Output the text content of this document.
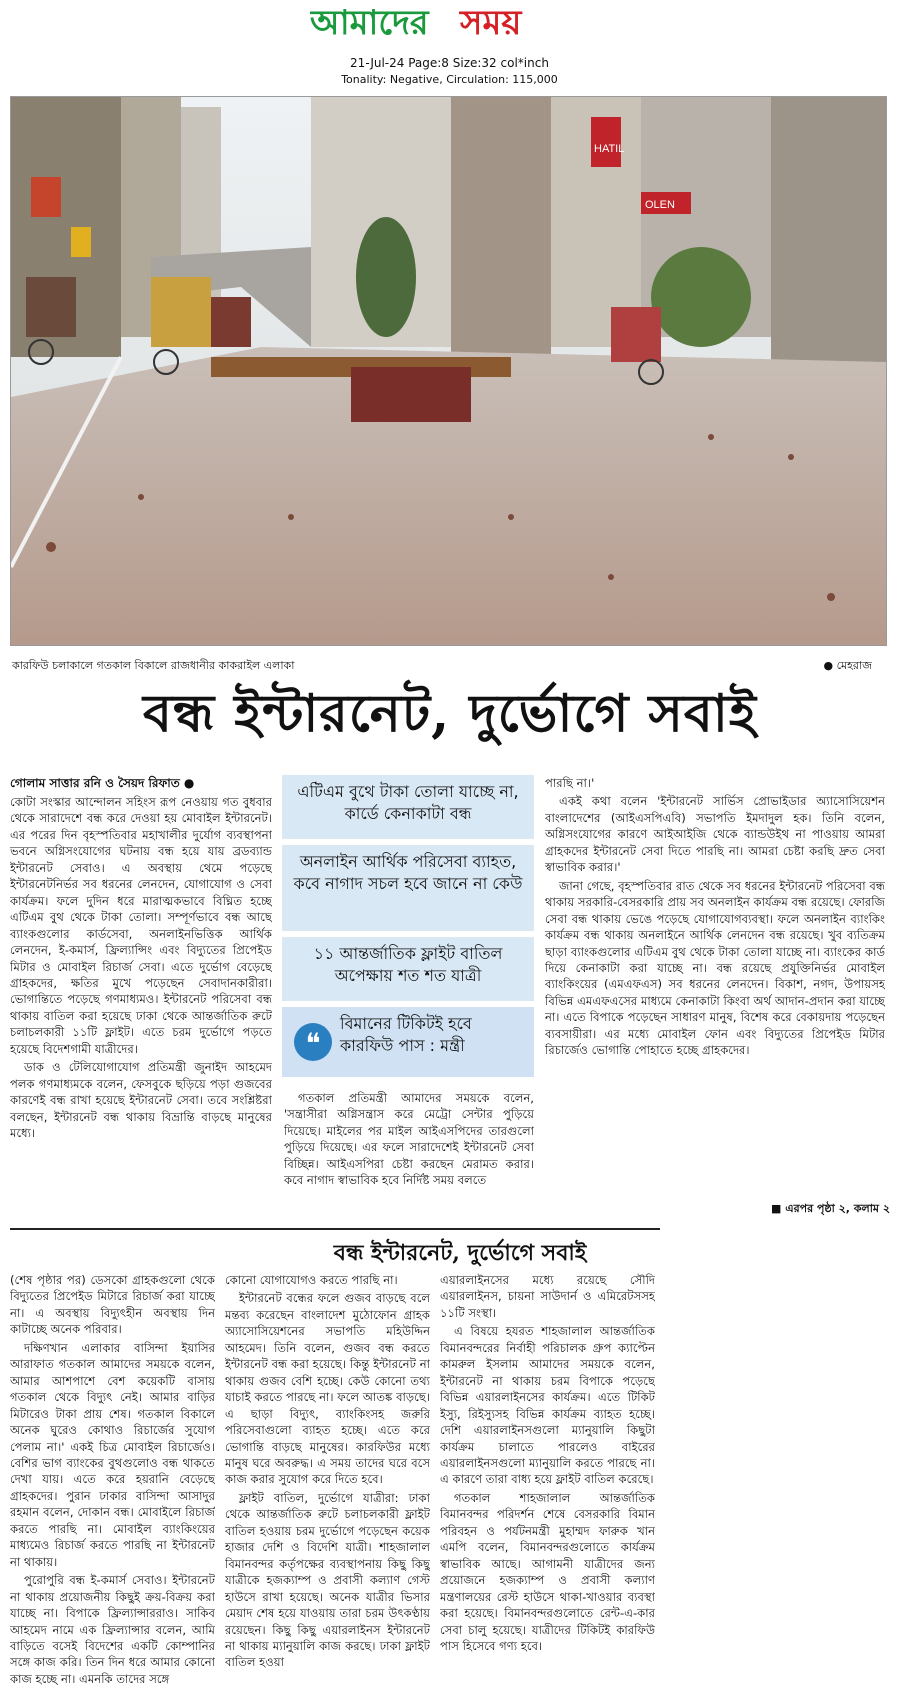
আমাদের সময়
21-Jul-24 Page:8 Size:32 col*inch
Tonality: Negative, Circulation: 115,000
HATIL
OLEN
কারফিউ চলাকালে গতকাল বিকালে রাজধানীর কাকরাইল এলাকা	● মেহরাজ
বন্ধ ইন্টারনেট, দুর্ভোগে সবাই
গোলাম সাত্তার রনি ও সৈয়দ রিফাত ●

কোটা সংস্কার আন্দোলন সহিংস রূপ নেওয়ায় গত বুধবার থেকে সারাদেশে বন্ধ করে দেওয়া হয় মোবাইল ইন্টারনেট। এর পরের দিন বৃহস্পতিবার মহাখালীর দুর্যোগ ব্যবস্থাপনা ভবনে অগ্নিসংযোগের ঘটনায় বন্ধ হয়ে যায় ব্রডব্যান্ড ইন্টারনেট সেবাও। এ অবস্থায় থেমে পড়েছে ইন্টারনেটনির্ভর সব ধরনের লেনদেন, যোগাযোগ ও সেবা কার্যক্রম। ফলে দুদিন ধরে মারাত্মকভাবে বিঘ্নিত হচ্ছে এটিএম বুথ থেকে টাকা তোলা। সম্পূর্ণভাবে বন্ধ আছে ব্যাংকগুলোর কার্ডসেবা, অনলাইনভিত্তিক আর্থিক লেনদেন, ই-কমার্স, ফ্রিল্যান্সিং এবং বিদ্যুতের প্রিপেইড মিটার ও মোবাইল রিচার্জ সেবা। এতে দুর্ভোগ বেড়েছে গ্রাহকদের, ক্ষতির মুখে পড়েছেন সেবাদানকারীরা। ভোগান্তিতে পড়েছে গণমাধ্যমও। ইন্টারনেট পরিসেবা বন্ধ থাকায় বাতিল করা হয়েছে ঢাকা থেকে আন্তর্জাতিক রুটে চলাচলকারী ১১টি ফ্লাইট। এতে চরম দুর্ভোগে পড়তে হয়েছে বিদেশগামী যাত্রীদের।

ডাক ও টেলিযোগাযোগ প্রতিমন্ত্রী জুনাইদ আহমেদ পলক গণমাধ্যমকে বলেন, ফেসবুকে ছড়িয়ে পড়া গুজবের কারণেই বন্ধ রাখা হয়েছে ইন্টারনেট সেবা। তবে সংশ্লিষ্টরা বলছেন, ইন্টারনেট বন্ধ থাকায় বিভ্রান্তি বাড়ছে মানুষের মধ্যে।

এটিএম বুথে টাকা তোলা যাচ্ছে না, কার্ডে কেনাকাটা বন্ধ
অনলাইন আর্থিক পরিসেবা ব্যাহত, কবে নাগাদ সচল হবে জানে না কেউ
১১ আন্তর্জাতিক ফ্লাইট বাতিল অপেক্ষায় শত শত যাত্রী
❝
বিমানের টিকিটই হবে কারফিউ পাস : মন্ত্রী

গতকাল প্রতিমন্ত্রী আমাদের সময়কে বলেন, 'সন্ত্রাসীরা অগ্নিসন্ত্রাস করে মেট্রো সেন্টার পুড়িয়ে দিয়েছে। মাইলের পর মাইল আইএসপিদের তারগুলো পুড়িয়ে দিয়েছে। এর ফলে সারাদেশেই ইন্টারনেট সেবা বিচ্ছিন্ন। আইএসপিরা চেষ্টা করছেন মেরামত করার। কবে নাগাদ স্বাভাবিক হবে নির্দিষ্ট সময় বলতে

পারছি না।'

একই কথা বলেন 'ইন্টারনেট সার্ভিস প্রোভাইডার অ্যাসোসিয়েশন বাংলাদেশের (আইএসপিএবি) সভাপতি ইমদাদুল হক। তিনি বলেন, অগ্নিসংযোগের কারণে আইআইজি থেকে ব্যান্ডউইথ না পাওয়ায় আমরা গ্রাহকদের ইন্টারনেট সেবা দিতে পারছি না। আমরা চেষ্টা করছি দ্রুত সেবা স্বাভাবিক করার।'

জানা গেছে, বৃহস্পতিবার রাত থেকে সব ধরনের ইন্টারনেট পরিসেবা বন্ধ থাকায় সরকারি-বেসরকারি প্রায় সব অনলাইন কার্যক্রম বন্ধ রয়েছে। ফোরজি সেবা বন্ধ থাকায় ভেঙে পড়েছে যোগাযোগব্যবস্থা। ফলে অনলাইন ব্যাংকিং কার্যক্রম বন্ধ থাকায় অনলাইনে আর্থিক লেনদেন বন্ধ রয়েছে। খুব ব্যতিক্রম ছাড়া ব্যাংকগুলোর এটিএম বুথ থেকে টাকা তোলা যাচ্ছে না। ব্যাংকের কার্ড দিয়ে কেনাকাটা করা যাচ্ছে না। বন্ধ রয়েছে প্রযুক্তিনির্ভর মোবাইল ব্যাংকিংয়ের (এমএফএস) সব ধরনের লেনদেন। বিকাশ, নগদ, উপায়সহ বিভিন্ন এমএফএসের মাধ্যমে কেনাকাটা কিংবা অর্থ আদান-প্রদান করা যাচ্ছে না। এতে বিপাকে পড়েছেন সাধারণ মানুষ, বিশেষ করে বেকায়দায় পড়েছেন ব্যবসায়ীরা। এর মধ্যে মোবাইল ফোন এবং বিদ্যুতের প্রিপেইড মিটার রিচার্জেও ভোগান্তি পোহাতে হচ্ছে গ্রাহকদের।

■ এরপর পৃষ্ঠা ২, কলাম ২
বন্ধ ইন্টারনেট, দুর্ভোগে সবাই

(শেষ পৃষ্ঠার পর) ডেসকো গ্রাহকগুলো থেকে বিদ্যুতের প্রিপেইড মিটারে রিচার্জ করা যাচ্ছে না। এ অবস্থায় বিদ্যুৎহীন অবস্থায় দিন কাটাচ্ছে অনেক পরিবার।

দক্ষিণখান এলাকার বাসিন্দা ইয়াসির আরাফাত গতকাল আমাদের সময়কে বলেন, আমার আশপাশে বেশ কয়েকটি বাসায় গতকাল থেকে বিদ্যুৎ নেই। আমার বাড়ির মিটারেও টাকা প্রায় শেষ। গতকাল বিকালে অনেক ঘুরেও কোথাও রিচার্জের সুযোগ পেলাম না।' একই চিত্র মোবাইল রিচার্জেও। বেশির ভাগ ব্যাংকের বুথগুলোও বন্ধ থাকতে দেখা যায়। এতে করে হয়রানি বেড়েছে গ্রাহকদের। পুরান ঢাকার বাসিন্দা আসাদুর রহমান বলেন, দোকান বন্ধ। মোবাইলে রিচার্জ করতে পারছি না। মোবাইল ব্যাংকিংয়ের মাধ্যমেও রিচার্জ করতে পারছি না ইন্টারনেট না থাকায়।

পুরোপুরি বন্ধ ই-কমার্স সেবাও। ইন্টারনেট না থাকায় প্রয়োজনীয় কিছুই ক্রয়-বিক্রয় করা যাচ্ছে না। বিপাকে ফ্রিল্যান্সাররাও। সাকিব আহমেদ নামে এক ফ্রিল্যান্সার বলেন, আমি বাড়িতে বসেই বিদেশের একটি কোম্পানির সঙ্গে কাজ করি। তিন দিন ধরে আমার কোনো কাজ হচ্ছে না। এমনকি তাদের সঙ্গে

কোনো যোগাযোগও করতে পারছি না।

ইন্টারনেট বন্ধের ফলে গুজব বাড়ছে বলে মন্তব্য করেছেন বাংলাদেশ মুঠোফোন গ্রাহক অ্যাসোসিয়েশনের সভাপতি মহিউদ্দিন আহমেদ। তিনি বলেন, গুজব বন্ধ করতে ইন্টারনেট বন্ধ করা হয়েছে। কিন্তু ইন্টারনেট না থাকায় গুজব বেশি হচ্ছে। কেউ কোনো তথ্য যাচাই করতে পারছে না। ফলে আতঙ্ক বাড়ছে। এ ছাড়া বিদ্যুৎ, ব্যাংকিংসহ জরুরি পরিসেবাগুলো ব্যাহত হচ্ছে। এতে করে ভোগান্তি বাড়ছে মানুষের। কারফিউর মধ্যে মানুষ ঘরে অবরুদ্ধ। এ সময় তাদের ঘরে বসে কাজ করার সুযোগ করে দিতে হবে।

ফ্লাইট বাতিল, দুর্ভোগে যাত্রীরা: ঢাকা থেকে আন্তর্জাতিক রুটে চলাচলকারী ফ্লাইট বাতিল হওয়ায় চরম দুর্ভোগে পড়েছেন কয়েক হাজার দেশি ও বিদেশি যাত্রী। শাহজালাল বিমানবন্দর কর্তৃপক্ষের ব্যবস্থাপনায় কিছু কিছু যাত্রীকে হজক্যাম্প ও প্রবাসী কল্যাণ গেস্ট হাউসে রাখা হয়েছে। অনেক যাত্রীর ভিসার মেয়াদ শেষ হয়ে যাওয়ায় তারা চরম উৎকণ্ঠায় রয়েছেন। কিছু কিছু এয়ারলাইনস ইন্টারনেট না থাকায় ম্যানুয়ালি কাজ করছে। ঢাকা ফ্লাইট বাতিল হওয়া

এয়ারলাইনসের মধ্যে রয়েছে সৌদি এয়ারলাইনস, চায়না সাউদার্ন ও এমিরেটসসহ ১১টি সংস্থা।

এ বিষয়ে হযরত শাহজালাল আন্তর্জাতিক বিমানবন্দরের নির্বাহী পরিচালক গ্রুপ ক্যাপ্টেন কামরুল ইসলাম আমাদের সময়কে বলেন, ইন্টারনেট না থাকায় চরম বিপাকে পড়েছে বিভিন্ন এয়ারলাইনসের কার্যক্রম। এতে টিকিট ইস্যু, রিইস্যুসহ বিভিন্ন কার্যক্রম ব্যাহত হচ্ছে। দেশি এয়ারলাইনসগুলো ম্যানুয়ালি কিছুটা কার্যক্রম চালাতে পারলেও বাইরের এয়ারলাইনসগুলো ম্যানুয়ালি করতে পারছে না। এ কারণে তারা বাধ্য হয়ে ফ্লাইট বাতিল করেছে।

গতকাল শাহজালাল আন্তর্জাতিক বিমানবন্দর পরিদর্শন শেষে বেসরকারি বিমান পরিবহন ও পর্যটনমন্ত্রী মুহাম্মদ ফারুক খান এমপি বলেন, বিমানবন্দরগুলোতে কার্যক্রম স্বাভাবিক আছে। আগামনী যাত্রীদের জন্য প্রয়োজনে হজক্যাম্প ও প্রবাসী কল্যাণ মন্ত্রণালয়ের রেস্ট হাউসে থাকা-খাওয়ার ব্যবস্থা করা হয়েছে। বিমানবন্দরগুলোতে রেন্ট-এ-কার সেবা চালু হয়েছে। যাত্রীদের টিকিটই কারফিউ পাস হিসেবে গণ্য হবে।
